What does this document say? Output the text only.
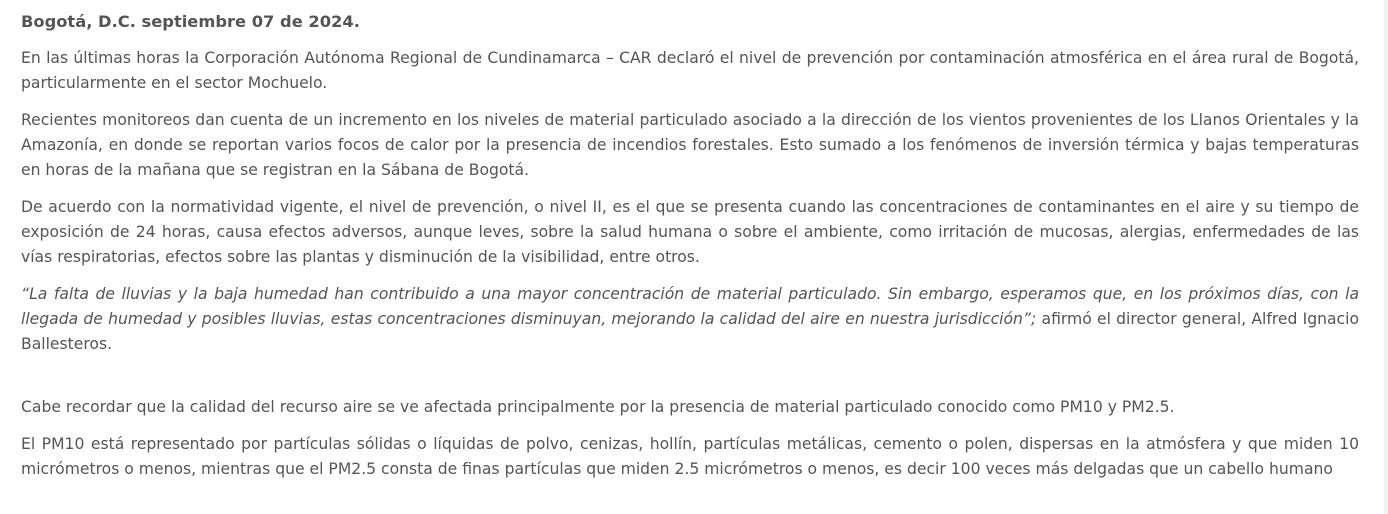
Bogotá, D.C. septiembre 07 de 2024.

En las últimas horas la Corporación Autónoma Regional de Cundinamarca – CAR declaró el nivel de prevención por contaminación atmosférica en el área rural de Bogotá, particularmente en el sector Mochuelo.

Recientes monitoreos dan cuenta de un incremento en los niveles de material particulado asociado a la dirección de los vientos provenientes de los Llanos Orientales y la Amazonía, en donde se reportan varios focos de calor por la presencia de incendios forestales. Esto sumado a los fenómenos de inversión térmica y bajas temperaturas en horas de la mañana que se registran en la Sábana de Bogotá.

De acuerdo con la normatividad vigente, el nivel de prevención, o nivel II, es el que se presenta cuando las concentraciones de contaminantes en el aire y su tiempo de exposición de 24 horas, causa efectos adversos, aunque leves, sobre la salud humana o sobre el ambiente, como irritación de mucosas, alergias, enfermedades de las vías respiratorias, efectos sobre las plantas y disminución de la visibilidad, entre otros.

“La falta de lluvias y la baja humedad han contribuido a una mayor concentración de material particulado. Sin embargo, esperamos que, en los próximos días, con la llegada de humedad y posibles lluvias, estas concentraciones disminuyan, mejorando la calidad del aire en nuestra jurisdicción”; afirmó el director general, Alfred Ignacio Ballesteros.

Cabe recordar que la calidad del recurso aire se ve afectada principalmente por la presencia de material particulado conocido como PM10 y PM2.5.

El PM10 está representado por partículas sólidas o líquidas de polvo, cenizas, hollín, partículas metálicas, cemento o polen, dispersas en la atmósfera y que miden 10 micrómetros o menos, mientras que el PM2.5 consta de finas partículas que miden 2.5 micrómetros o menos, es decir 100 veces más delgadas que un cabello humano
